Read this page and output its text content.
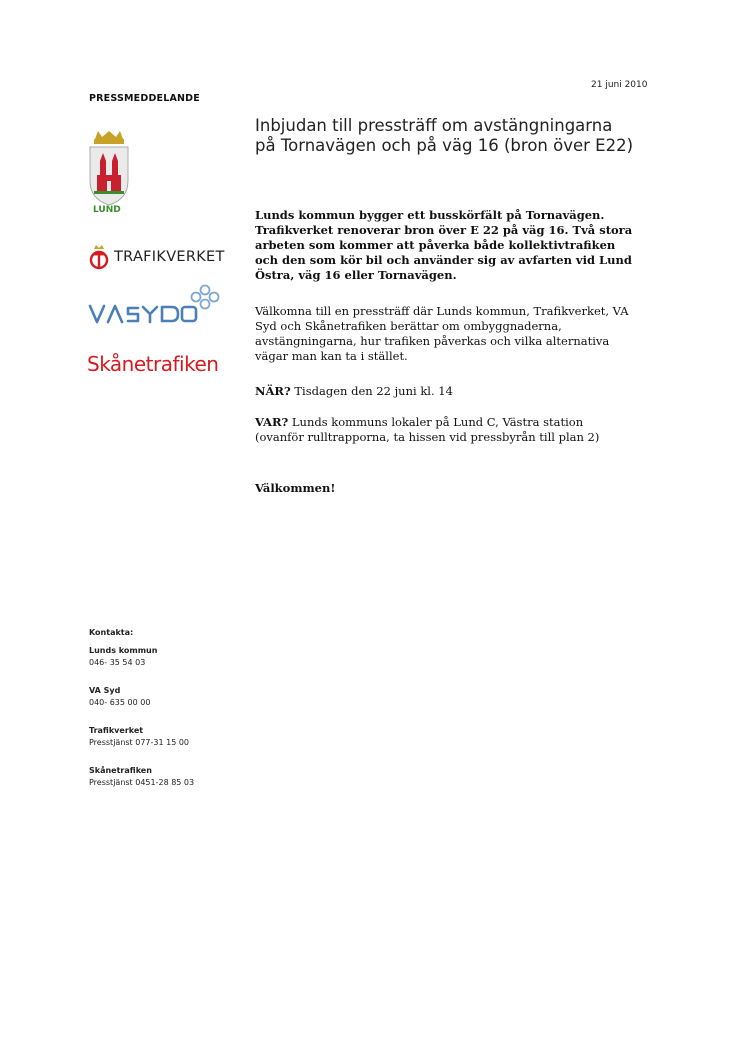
21 juni 2010
PRESSMEDDELANDE
LUND
TRAFIKVERKET
Skånetrafiken
Inbjudan till pressträff om avstängningarna på Tornavägen och på väg 16 (bron över E22)
Lunds kommun bygger ett busskörfält på Tornavägen. Trafikverket renoverar bron över E 22 på väg 16. Två stora arbeten som kommer att påverka både kollektivtrafiken och den som kör bil och använder sig av avfarten vid Lund Östra, väg 16 eller Tornavägen.
Välkomna till en pressträff där Lunds kommun, Trafikverket, VA Syd och Skånetrafiken berättar om ombyggnaderna, avstängningarna, hur trafiken påverkas och vilka alternativa vägar man kan ta i stället.
NÄR? Tisdagen den 22 juni kl. 14
VAR? Lunds kommuns lokaler på Lund C, Västra station (ovanför rulltrapporna, ta hissen vid pressbyrån till plan 2)
Välkommen!
Kontakta:
Lunds kommun
046- 35 54 03
VA Syd
040- 635 00 00
Trafikverket
Presstjänst 077-31 15 00
Skånetrafiken
Presstjänst 0451-28 85 03
